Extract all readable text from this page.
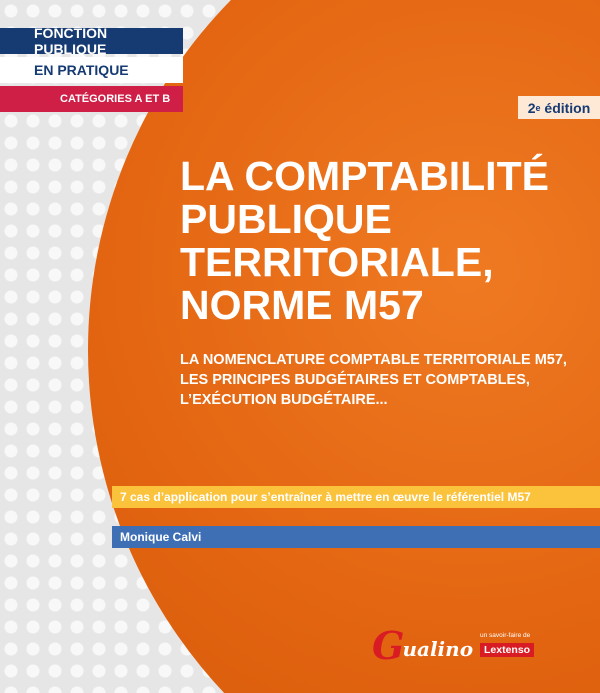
FONCTION PUBLIQUE
EN PRATIQUE
CATÉGORIES A ET B
2 e édition
LA COMPTABILITÉ
PUBLIQUE
TERRITORIALE,
NORME M57
LA NOMENCLATURE COMPTABLE TERRITORIALE M57,
LES PRINCIPES BUDGÉTAIRES ET COMPTABLES,
L’EXÉCUTION BUDGÉTAIRE...
7 cas d’application pour s’entraîner à mettre en œuvre le référentiel M57
Monique Calvi
G
ualino
un savoir-faire de
Lextenso
